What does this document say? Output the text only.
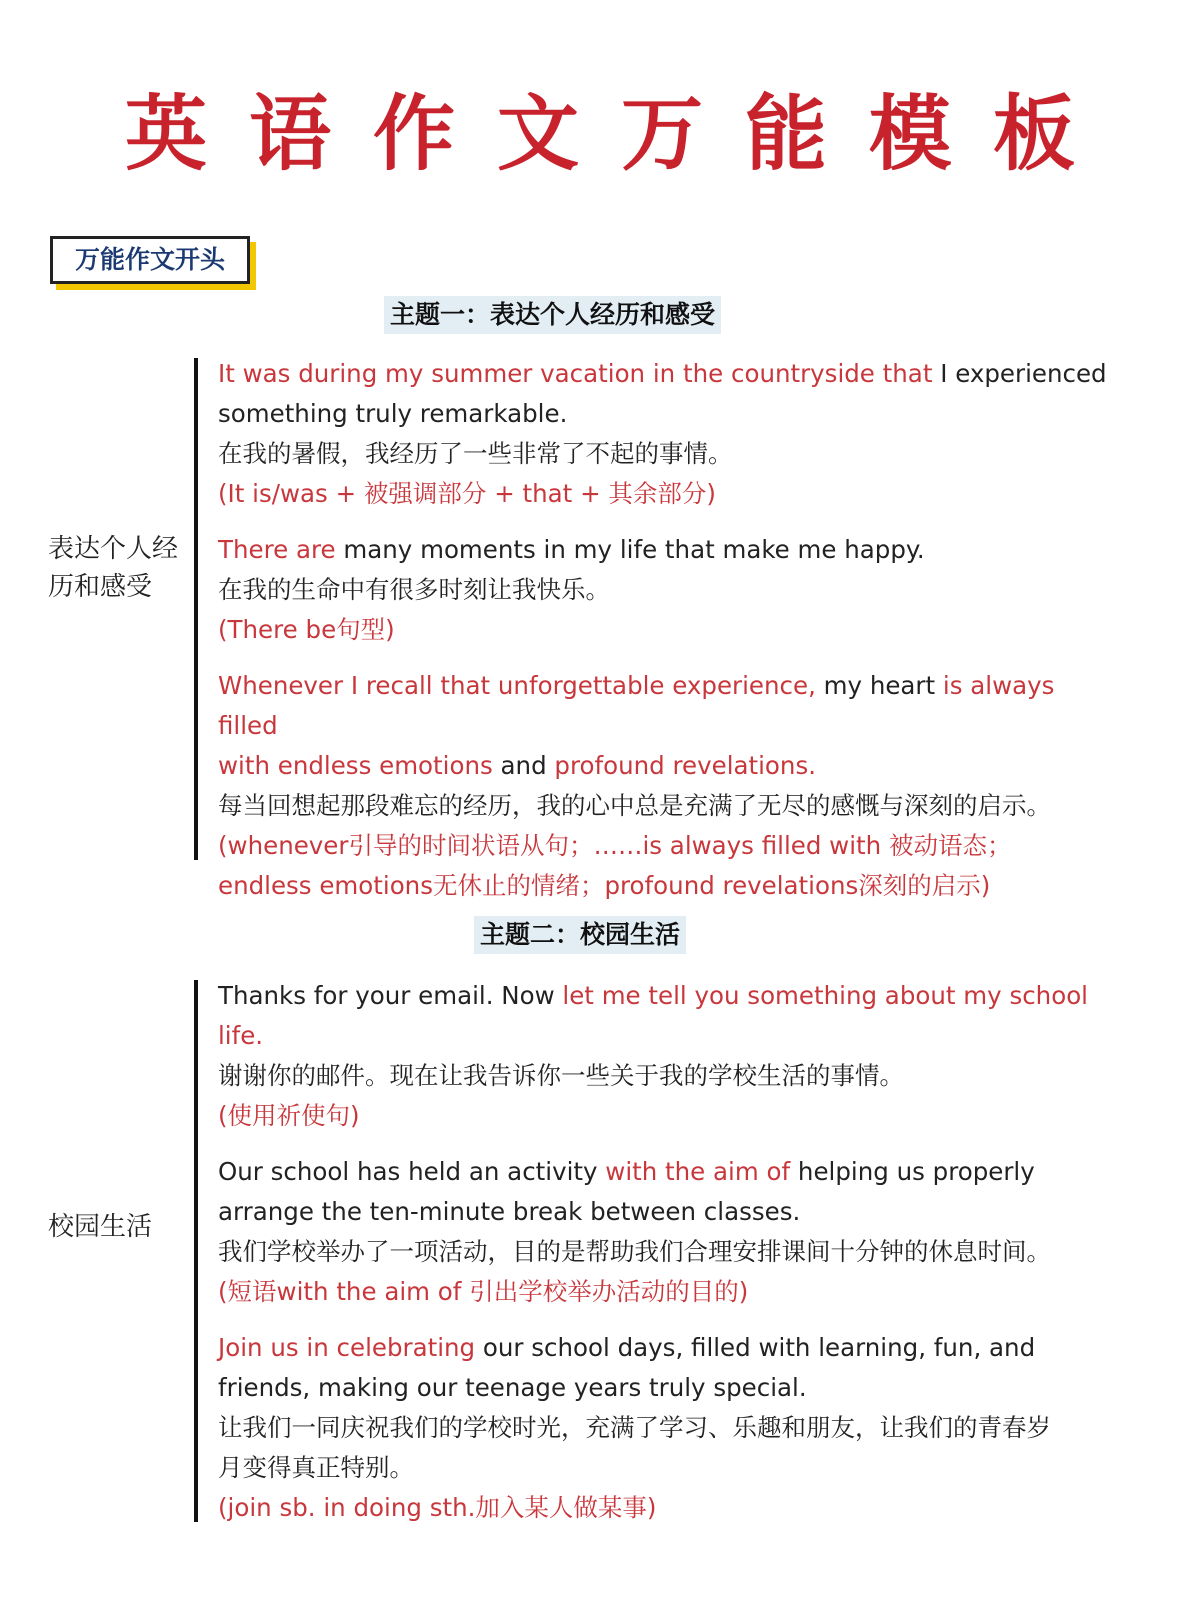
英语作文万能模板
万能作文开头
主题一：表达个人经历和感受
表达个人经
历和感受

It was during my summer vacation in the countryside that I experienced

something truly remarkable.

在我的暑假，我经历了一些非常了不起的事情。

(It is/was + 被强调部分 + that + 其余部分)

There are many moments in my life that make me happy.

在我的生命中有很多时刻让我快乐。

(There be句型)

Whenever I recall that unforgettable experience, my heart is always filled

with endless emotions and profound revelations.

每当回想起那段难忘的经历，我的心中总是充满了无尽的感慨与深刻的启示。

(whenever引导的时间状语从句；……is always filled with 被动语态；

endless emotions无休止的情绪；profound revelations深刻的启示)

主题二：校园生活
校园生活

Thanks for your email. Now let me tell you something about my school

life.

谢谢你的邮件。现在让我告诉你一些关于我的学校生活的事情。

(使用祈使句)

Our school has held an activity with the aim of helping us properly

arrange the ten-minute break between classes.

我们学校举办了一项活动，目的是帮助我们合理安排课间十分钟的休息时间。

(短语with the aim of 引出学校举办活动的目的)

Join us in celebrating our school days, filled with learning, fun, and

friends, making our teenage years truly special.

让我们一同庆祝我们的学校时光，充满了学习、乐趣和朋友，让我们的青春岁

月变得真正特别。

(join sb. in doing sth.加入某人做某事)
